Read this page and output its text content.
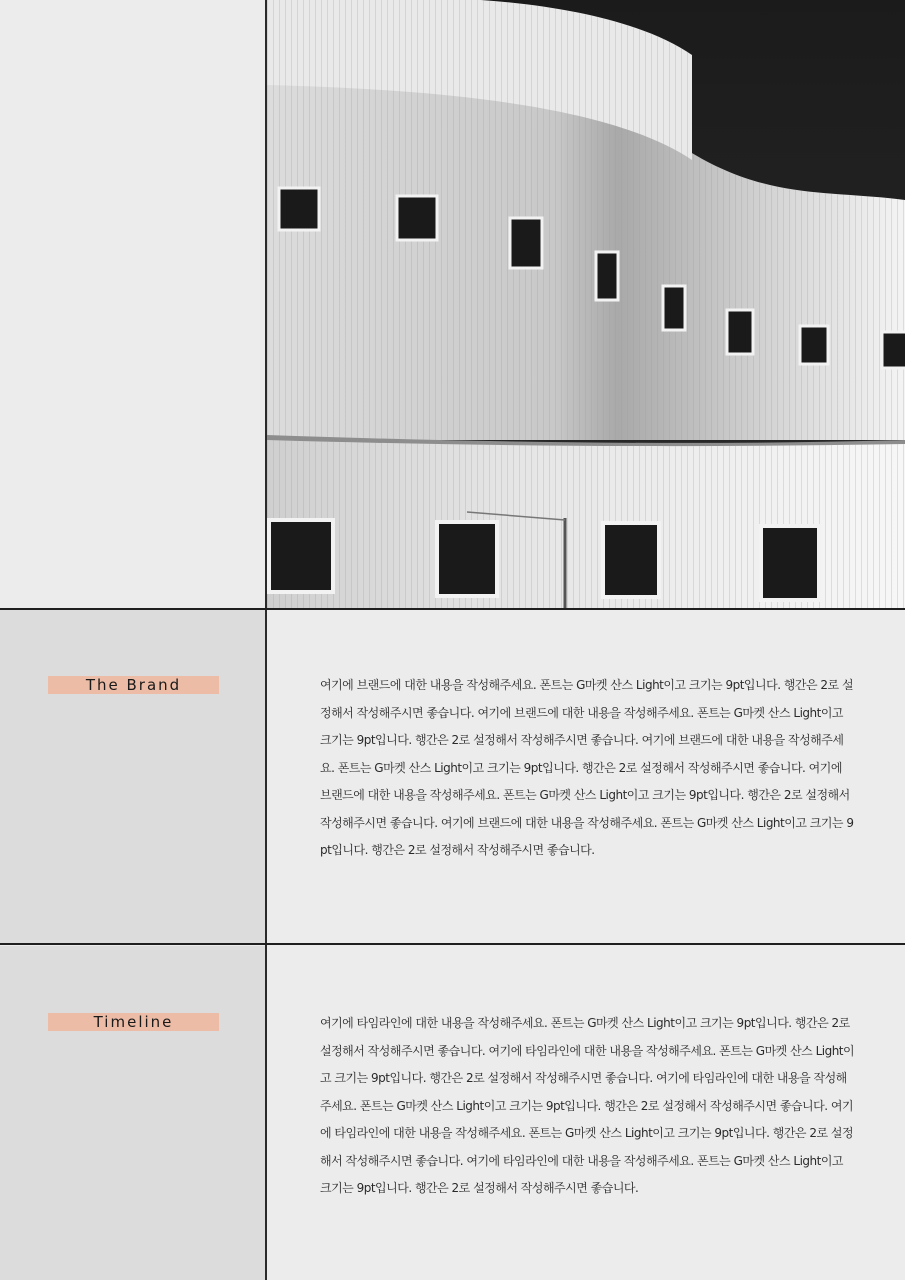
The Brand	여기에 브랜드에 대한 내용을 작성해주세요. 폰트는 G마켓 산스 Light이고 크기는 9pt입니다. 행간은 2로 설정해서 작성해주시면 좋습니다. 여기에 브랜드에 대한 내용을 작성해주세요. 폰트는 G마켓 산스 Light이고 크기는 9pt입니다. 행간은 2로 설정해서 작성해주시면 좋습니다. 여기에 브랜드에 대한 내용을 작성해주세요. 폰트는 G마켓 산스 Light이고 크기는 9pt입니다. 행간은 2로 설정해서 작성해주시면 좋습니다. 여기에 브랜드에 대한 내용을 작성해주세요. 폰트는 G마켓 산스 Light이고 크기는 9pt입니다. 행간은 2로 설정해서 작성해주시면 좋습니다. 여기에 브랜드에 대한 내용을 작성해주세요. 폰트는 G마켓 산스 Light이고 크기는 9pt입니다. 행간은 2로 설정해서 작성해주시면 좋습니다.
Timeline	여기에 타임라인에 대한 내용을 작성해주세요. 폰트는 G마켓 산스 Light이고 크기는 9pt입니다. 행간은 2로 설정해서 작성해주시면 좋습니다. 여기에 타임라인에 대한 내용을 작성해주세요. 폰트는 G마켓 산스 Light이고 크기는 9pt입니다. 행간은 2로 설정해서 작성해주시면 좋습니다. 여기에 타임라인에 대한 내용을 작성해주세요. 폰트는 G마켓 산스 Light이고 크기는 9pt입니다. 행간은 2로 설정해서 작성해주시면 좋습니다. 여기에 타임라인에 대한 내용을 작성해주세요. 폰트는 G마켓 산스 Light이고 크기는 9pt입니다. 행간은 2로 설정해서 작성해주시면 좋습니다. 여기에 타임라인에 대한 내용을 작성해주세요. 폰트는 G마켓 산스 Light이고 크기는 9pt입니다. 행간은 2로 설정해서 작성해주시면 좋습니다.
